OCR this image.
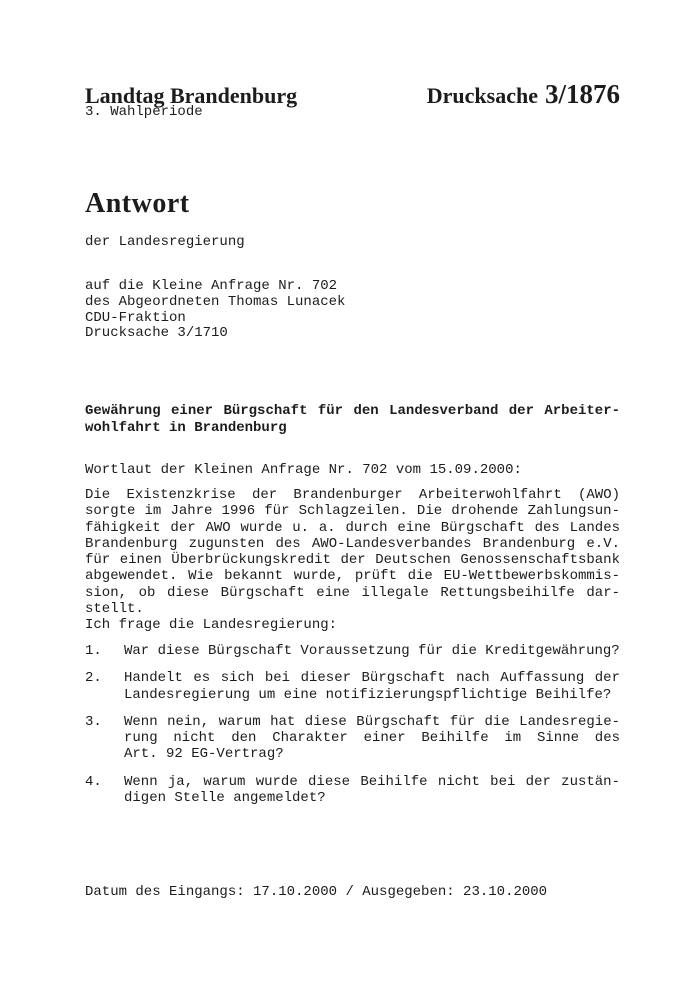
Landtag Brandenburg	Drucksache 3/1876
3. Wahlperiode
Antwort
der Landesregierung
auf die Kleine Anfrage Nr. 702
des Abgeordneten Thomas Lunacek
CDU-Fraktion
Drucksache 3/1710
Gewährung einer Bürgschaft für den Landesverband der Arbeiter-
wohlfahrt in Brandenburg
Wortlaut der Kleinen Anfrage Nr. 702 vom 15.09.2000:
Die Existenzkrise der Brandenburger Arbeiterwohlfahrt (AWO)
sorgte im Jahre 1996 für Schlagzeilen. Die drohende Zahlungsun-
fähigkeit der AWO wurde u. a. durch eine Bürgschaft des Landes
Brandenburg zugunsten des AWO-Landesverbandes Brandenburg e.V.
für einen Überbrückungskredit der Deutschen Genossenschaftsbank
abgewendet. Wie bekannt wurde, prüft die EU-Wettbewerbskommis-
sion, ob diese Bürgschaft eine illegale Rettungsbeihilfe dar-
stellt.
Ich frage die Landesregierung:
1.	War diese Bürgschaft Voraussetzung für die Kreditgewährung?
2.	Handelt es sich bei dieser Bürgschaft nach Auffassung der
Landesregierung um eine notifizierungspflichtige Beihilfe?
3.	Wenn nein, warum hat diese Bürgschaft für die Landesregie-
rung nicht den Charakter einer Beihilfe im Sinne des
Art. 92 EG-Vertrag?
4.	Wenn ja, warum wurde diese Beihilfe nicht bei der zustän-
digen Stelle angemeldet?
Datum des Eingangs: 17.10.2000 / Ausgegeben: 23.10.2000
